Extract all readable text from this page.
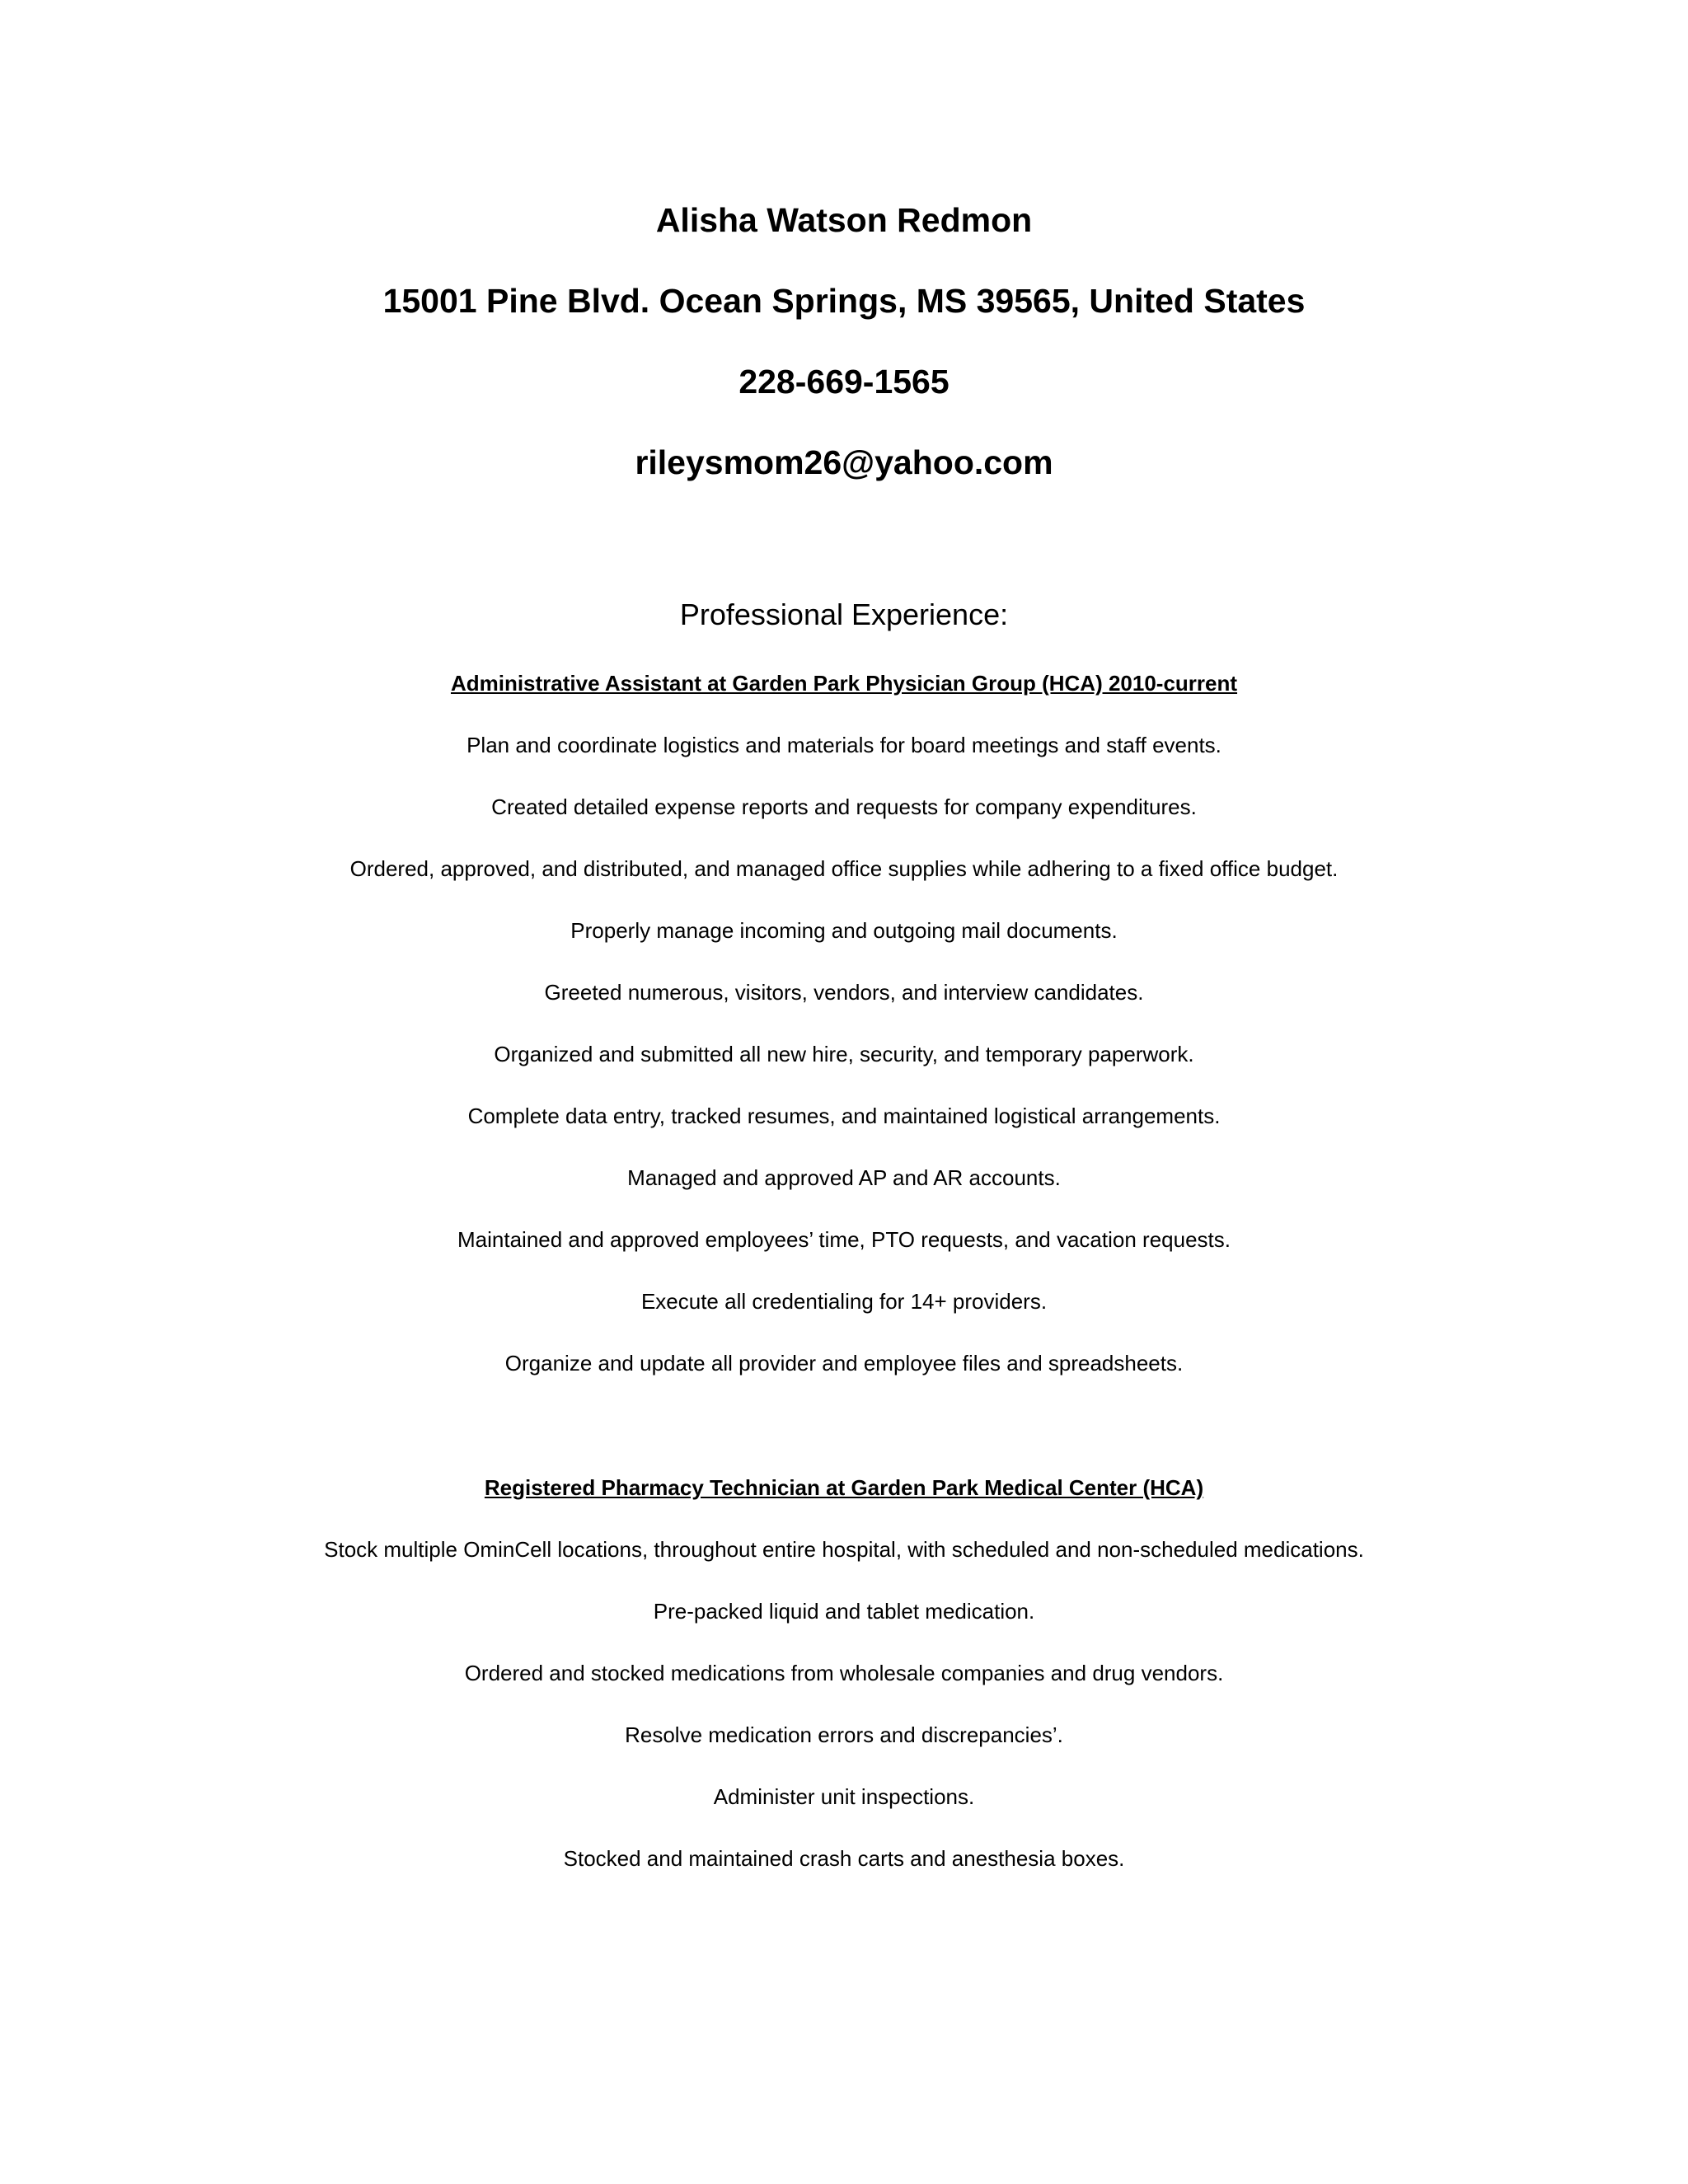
Alisha Watson Redmon

15001 Pine Blvd. Ocean Springs, MS 39565, United States

228-669-1565

rileysmom26@yahoo.com

Professional Experience:

Administrative Assistant at Garden Park Physician Group (HCA) 2010-current

Plan and coordinate logistics and materials for board meetings and staff events.

Created detailed expense reports and requests for company expenditures.

Ordered, approved, and distributed, and managed office supplies while adhering to a fixed office budget.

Properly manage incoming and outgoing mail documents.

Greeted numerous, visitors, vendors, and interview candidates.

Organized and submitted all new hire, security, and temporary paperwork.

Complete data entry, tracked resumes, and maintained logistical arrangements.

Managed and approved AP and AR accounts.

Maintained and approved employees’ time, PTO requests, and vacation requests.

Execute all credentialing for 14+ providers.

Organize and update all provider and employee files and spreadsheets.

Registered Pharmacy Technician at Garden Park Medical Center (HCA)

Stock multiple OminCell locations, throughout entire hospital, with scheduled and non-scheduled medications.

Pre-packed liquid and tablet medication.

Ordered and stocked medications from wholesale companies and drug vendors.

Resolve medication errors and discrepancies’.

Administer unit inspections.

Stocked and maintained crash carts and anesthesia boxes.
